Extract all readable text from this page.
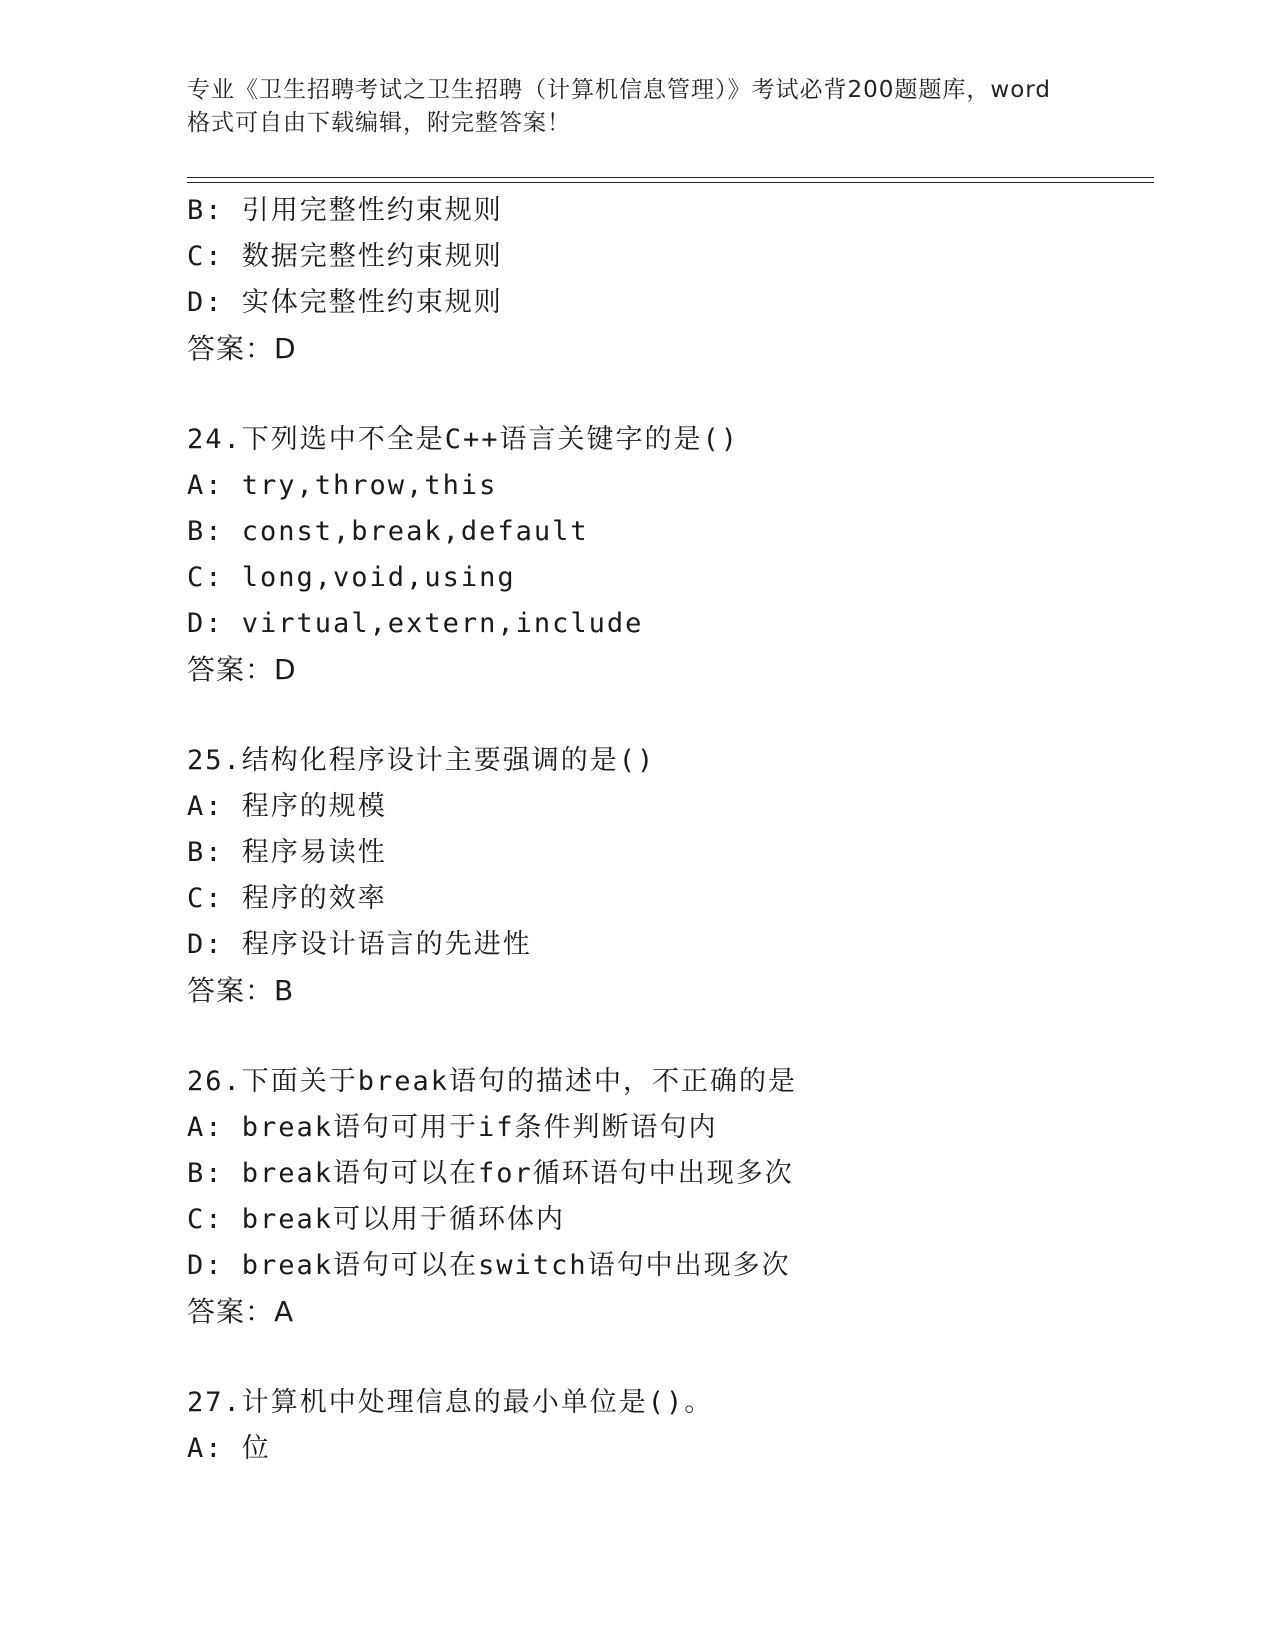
专业《卫生招聘考试之卫生招聘（计算机信息管理）》考试必背200题题库，word
格式可自由下载编辑，附完整答案！
B: 引用完整性约束规则
C: 数据完整性约束规则
D: 实体完整性约束规则
答案：D
24.下列选中不全是C++语言关键字的是()
A: try,throw,this
B: const,break,default
C: long,void,using
D: virtual,extern,include
答案：D
25.结构化程序设计主要强调的是()
A: 程序的规模
B: 程序易读性
C: 程序的效率
D: 程序设计语言的先进性
答案：B
26.下面关于break语句的描述中，不正确的是
A: break语句可用于if条件判断语句内
B: break语句可以在for循环语句中出现多次
C: break可以用于循环体内
D: break语句可以在switch语句中出现多次
答案：A
27.计算机中处理信息的最小单位是()。
A: 位
